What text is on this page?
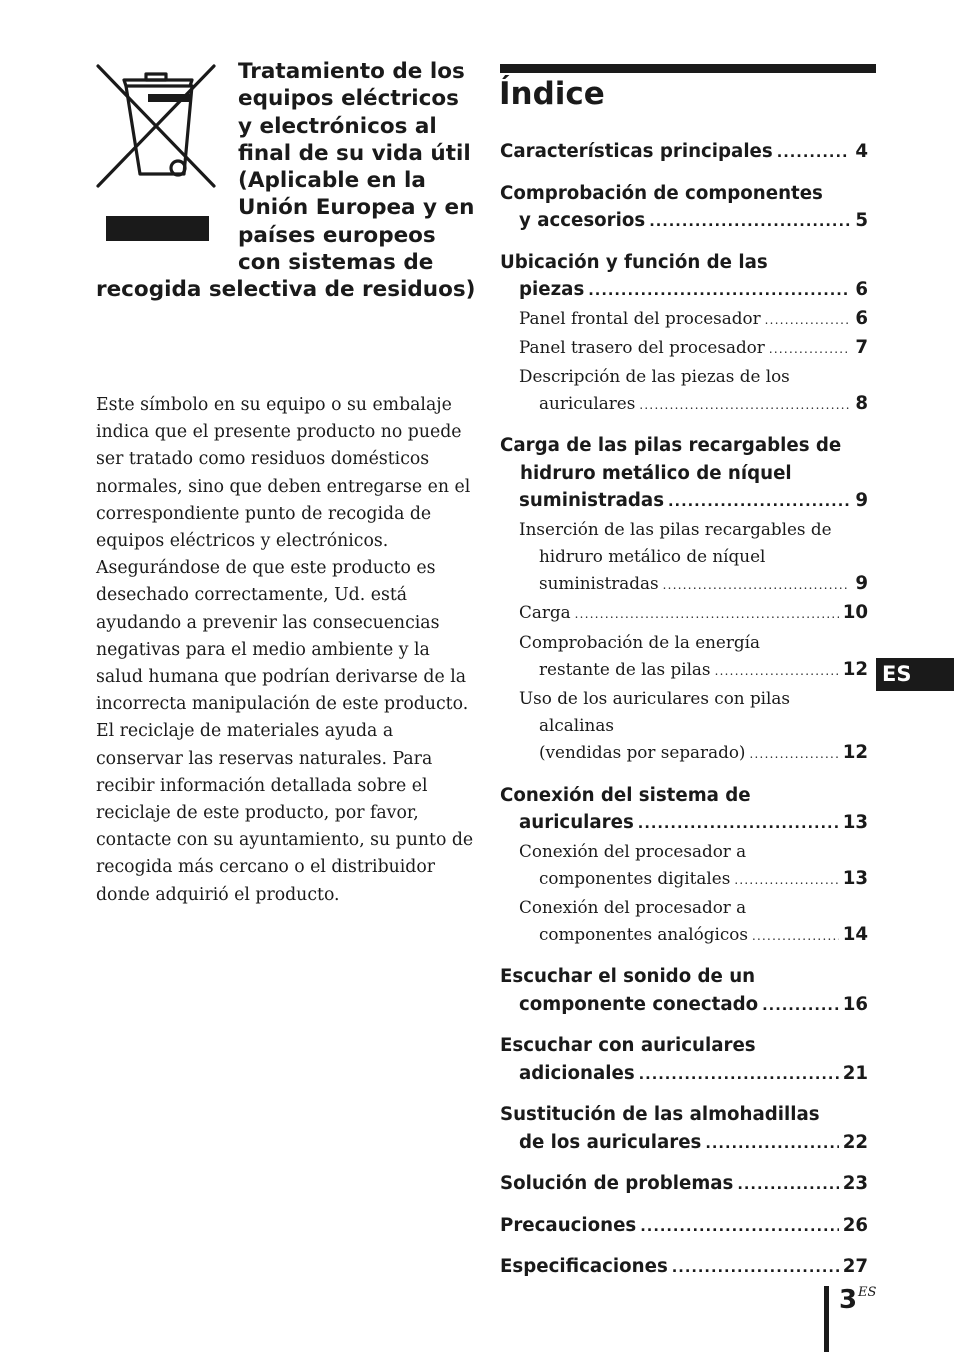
Tratamiento de los equipos eléctricos y electrónicos al final de su vida útil (Aplicable en la Unión Europea y en países europeos con sistemas de recogida selectiva de residuos)

Este símbolo en su equipo o su embalaje indica que el presente producto no puede ser tratado como residuos domésticos normales, sino que deben entregarse en el correspondiente punto de recogida de equipos eléctricos y electrónicos. Asegurándose de que este producto es desechado correctamente, Ud. está ayudando a prevenir las consecuencias negativas para el medio ambiente y la salud humana que podrían derivarse de la incorrecta manipulación de este producto. El reciclaje de materiales ayuda a conservar las reservas naturales. Para recibir información detallada sobre el reciclaje de este producto, por favor, contacte con su ayuntamiento, su punto de recogida más cercano o el distribuidor donde adquirió el producto.

Índice
Características principales .....	4
Comprobación de componentes
y accesorios .....	5
Ubicación y función de las
piezas .....	6
Panel frontal del procesador .....	6
Panel trasero del procesador .....	7
Descripción de las piezas de los
auriculares .....	8
Carga de las pilas recargables de
hidruro metálico de níquel
suministradas .....	9
Inserción de las pilas recargables de
hidruro metálico de níquel
suministradas .....	9
Carga .....	10
Comprobación de la energía
restante de las pilas .....	12
Uso de los auriculares con pilas
alcalinas
(vendidas por separado) .....	12
Conexión del sistema de
auriculares .....	13
Conexión del procesador a
componentes digitales .....	13
Conexión del procesador a
componentes analógicos .....	14
Escuchar el sonido de un
componente conectado .....	16
Escuchar con auriculares
adicionales .....	21
Sustitución de las almohadillas
de los auriculares .....	22
Solución de problemas .....	23
Precauciones .....	26
Especificaciones .....	27
ES
3 ES
